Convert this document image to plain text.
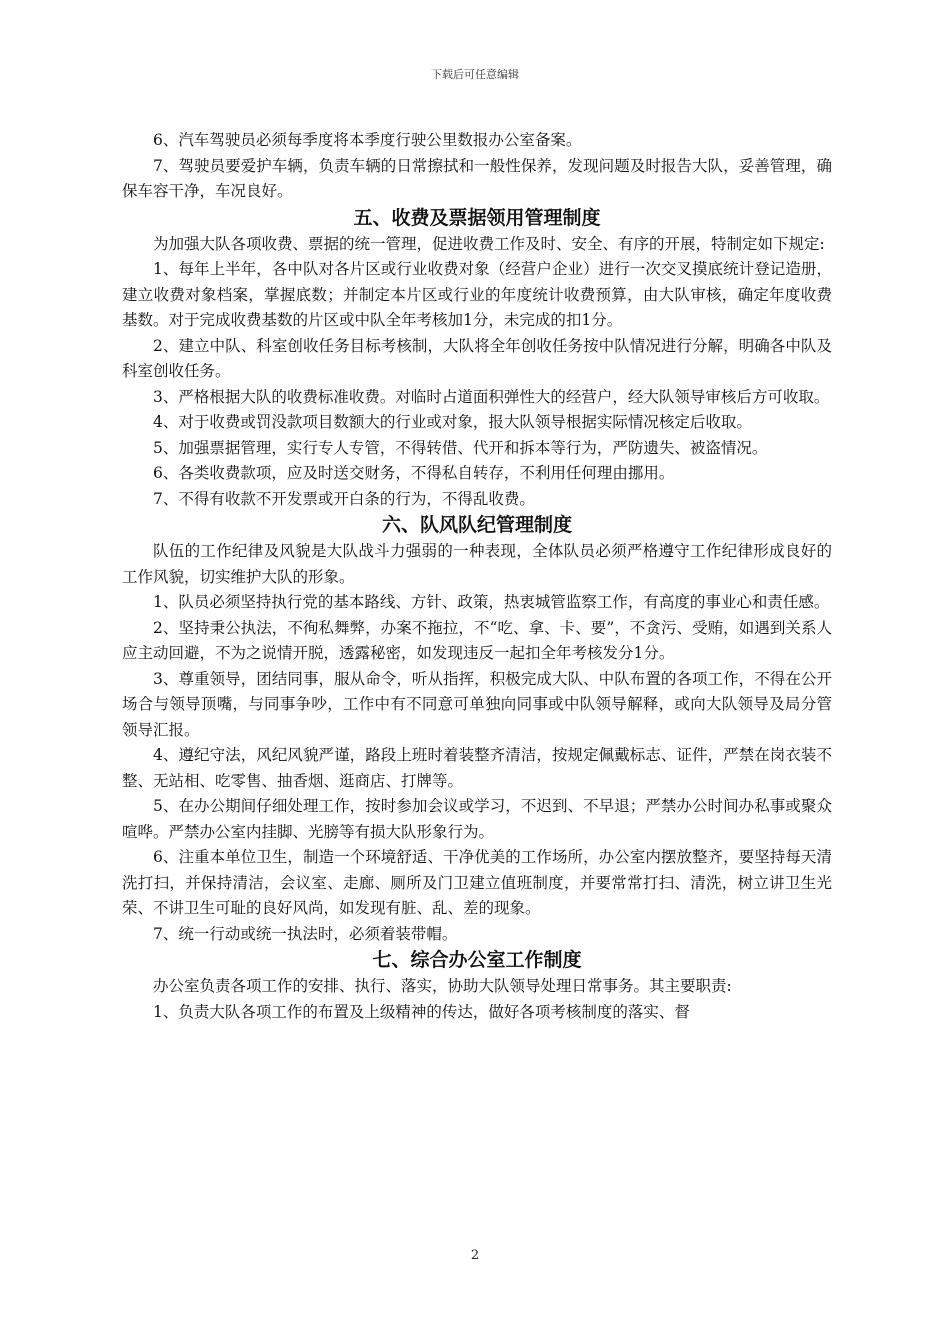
下载后可任意编辑

6、汽车驾驶员必须每季度将本季度行驶公里数报办公室备案。

7、驾驶员要爱护车辆，负责车辆的日常擦拭和一般性保养，发现问题及时报告大队，妥善管理，确保车容干净，车况良好。

五、收费及票据领用管理制度

为加强大队各项收费、票据的统一管理，促进收费工作及时、安全、有序的开展，特制定如下规定:

1、每年上半年，各中队对各片区或行业收费对象（经营户企业）进行一次交叉摸底统计登记造册，建立收费对象档案，掌握底数；并制定本片区或行业的年度统计收费预算，由大队审核，确定年度收费基数。对于完成收费基数的片区或中队全年考核加1分，未完成的扣1分。

2、建立中队、科室创收任务目标考核制，大队将全年创收任务按中队情况进行分解，明确各中队及科室创收任务。

3、严格根据大队的收费标准收费。对临时占道面积弹性大的经营户，经大队领导审核后方可收取。

4、对于收费或罚没款项目数额大的行业或对象，报大队领导根据实际情况核定后收取。

5、加强票据管理，实行专人专管，不得转借、代开和拆本等行为，严防遗失、被盗情况。

6、各类收费款项，应及时送交财务，不得私自转存，不利用任何理由挪用。

7、不得有收款不开发票或开白条的行为，不得乱收费。

六、队风队纪管理制度

队伍的工作纪律及风貌是大队战斗力强弱的一种表现，全体队员必须严格遵守工作纪律形成良好的工作风貌，切实维护大队的形象。

1、队员必须坚持执行党的基本路线、方针、政策，热衷城管监察工作，有高度的事业心和责任感。

2、坚持秉公执法，不徇私舞弊，办案不拖拉，不“吃、拿、卡、要”，不贪污、受贿，如遇到关系人应主动回避，不为之说情开脱，透露秘密，如发现违反一起扣全年考核发分1分。

3、尊重领导，团结同事，服从命令，听从指挥，积极完成大队、中队布置的各项工作，不得在公开场合与领导顶嘴，与同事争吵，工作中有不同意可单独向同事或中队领导解释，或向大队领导及局分管领导汇报。

4、遵纪守法，风纪风貌严谨，路段上班时着装整齐清洁，按规定佩戴标志、证件，严禁在岗衣装不整、无站相、吃零售、抽香烟、逛商店、打牌等。

5、在办公期间仔细处理工作，按时参加会议或学习，不迟到、不早退；严禁办公时间办私事或聚众喧哗。严禁办公室内挂脚、光膀等有损大队形象行为。

6、注重本单位卫生，制造一个环境舒适、干净优美的工作场所，办公室内摆放整齐，要坚持每天清洗打扫，并保持清洁，会议室、走廊、厕所及门卫建立值班制度，并要常常打扫、清洗，树立讲卫生光荣、不讲卫生可耻的良好风尚，如发现有脏、乱、差的现象。

7、统一行动或统一执法时，必须着装带帽。

七、综合办公室工作制度

办公室负责各项工作的安排、执行、落实，协助大队领导处理日常事务。其主要职责:

1、负责大队各项工作的布置及上级精神的传达，做好各项考核制度的落实、督

2
